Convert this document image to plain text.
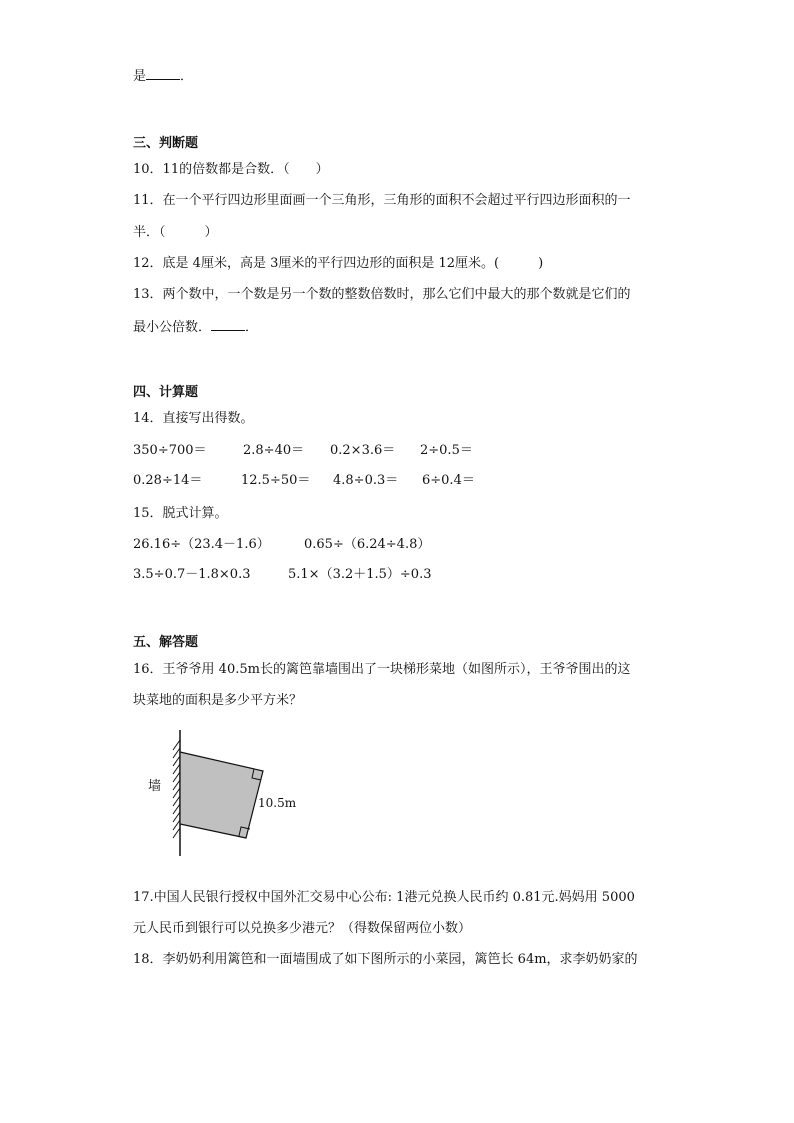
是	．
三、判断题
10．11的倍数都是合数．（　　）
11．在一个平行四边形里面画一个三角形，三角形的面积不会超过平行四边形面积的一
半．（　　　）
12．底是 4厘米，高是 3厘米的平行四边形的面积是 12厘米。(　　　)
13．两个数中，一个数是另一个数的整数倍数时，那么它们中最大的那个数就是它们的
最小公倍数．	．
四、计算题
14．直接写出得数。
350÷700＝	2.8÷40＝ 0.2×3.6＝ 2÷0.5＝
0.28÷14＝	12.5÷50＝ 4.8÷0.3＝ 6÷0.4＝
15．脱式计算。
26.16÷（23.4－1.6）	0.65÷（6.24÷4.8）
3.5÷0.7－1.8×0.3	5.1×（3.2＋1.5）÷0.3
五、解答题
16．王爷爷用 40.5m长的篱笆靠墙围出了一块梯形菜地（如图所示），王爷爷围出的这
块菜地的面积是多少平方米？
墙
10.5m
17.中国人民银行授权中国外汇交易中心公布: 1港元兑换人民币约 0.81元.妈妈用 5000
元人民币到银行可以兑换多少港元？（得数保留两位小数）
18．李奶奶利用篱笆和一面墙围成了如下图所示的小菜园，篱笆长 64m，求李奶奶家的
